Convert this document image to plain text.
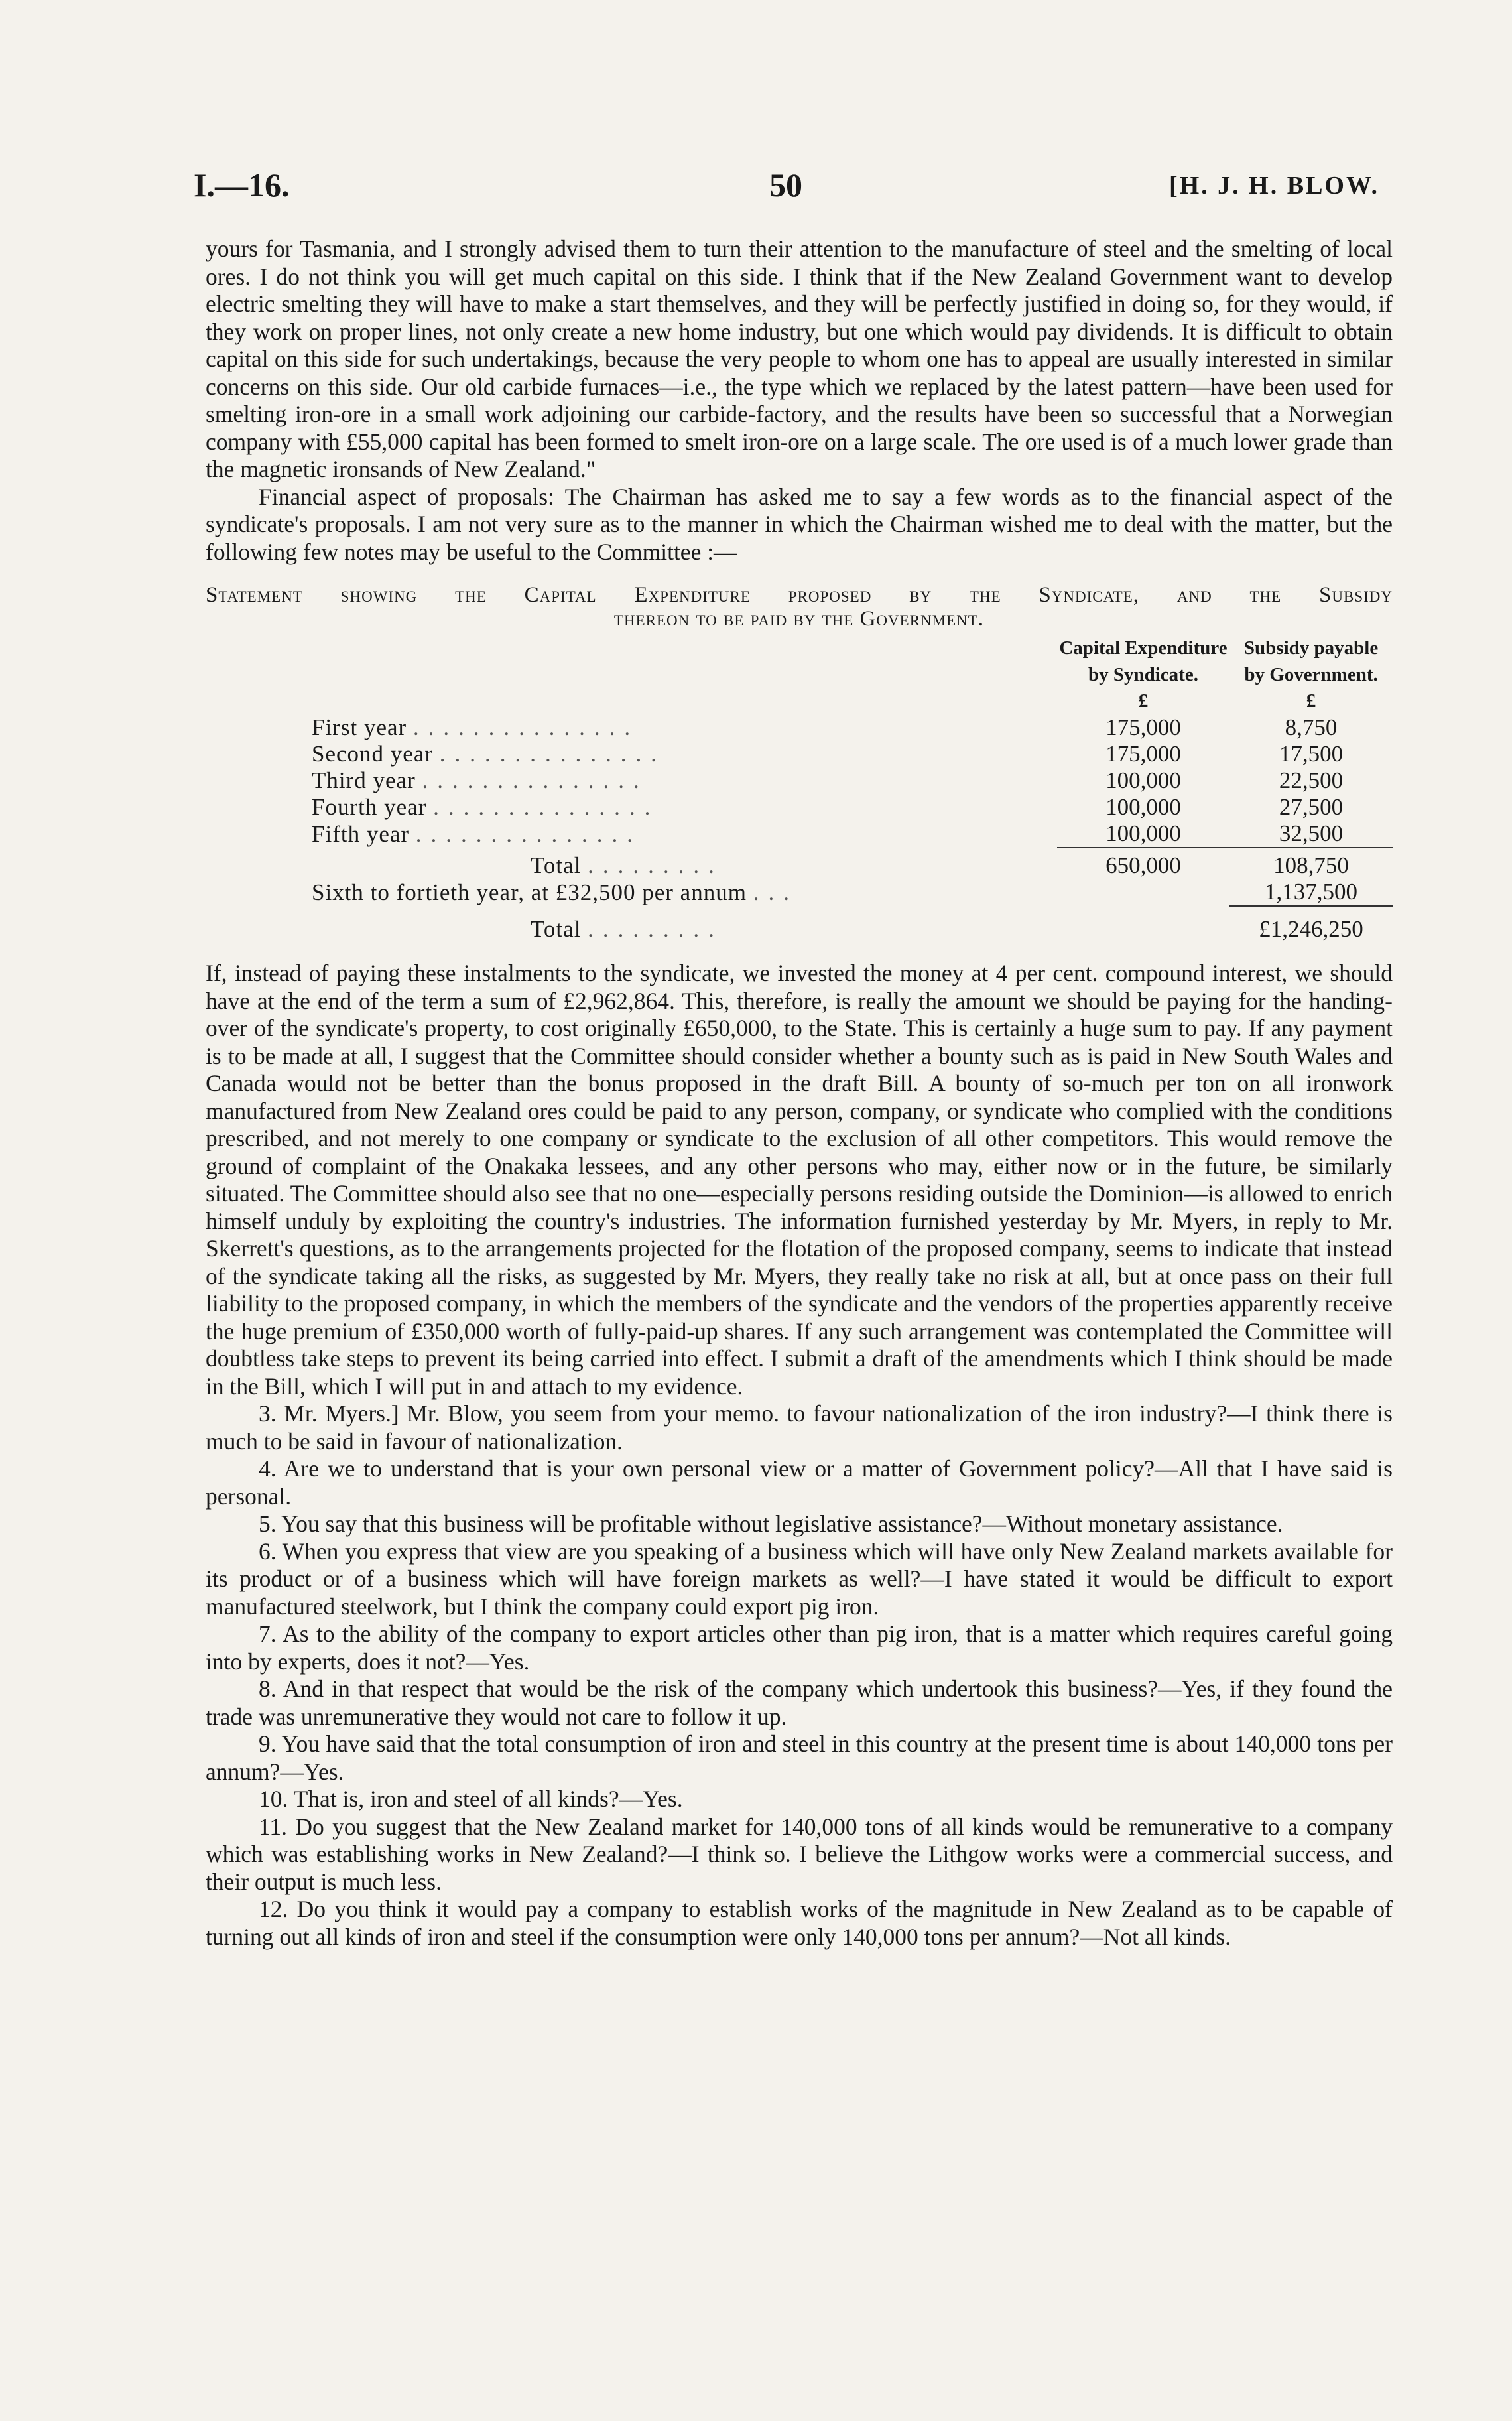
I.—16.	50	[H. J. H. BLOW.

yours for Tasmania, and I strongly advised them to turn their attention to the manufacture of steel and the smelting of local ores. I do not think you will get much capital on this side. I think that if the New Zealand Government want to develop electric smelting they will have to make a start themselves, and they will be perfectly justified in doing so, for they would, if they work on proper lines, not only create a new home industry, but one which would pay dividends. It is difficult to obtain capital on this side for such undertakings, because the very people to whom one has to appeal are usually interested in similar concerns on this side. Our old carbide furnaces—i.e., the type which we replaced by the latest pattern—have been used for smelting iron-ore in a small work adjoining our carbide-factory, and the results have been so successful that a Norwegian company with £55,000 capital has been formed to smelt iron-ore on a large scale. The ore used is of a much lower grade than the magnetic ironsands of New Zealand."

Financial aspect of proposals: The Chairman has asked me to say a few words as to the financial aspect of the syndicate's proposals. I am not very sure as to the manner in which the Chairman wished me to deal with the matter, but the following few notes may be useful to the Committee :—

Statement showing the Capital Expenditure proposed by the Syndicate, and the Subsidy
thereon to be paid by the Government.

	Capital Expenditure
by Syndicate.
£	Subsidy payable
by Government.
£

First year ...............	175,000	8,750
Second year ...............	175,000	17,500
Third year ...............	100,000	22,500
Fourth year ...............	100,000	27,500
Fifth year ...............	100,000	32,500
Total .........	650,000	108,750
Sixth to fortieth year, at £32,500 per annum ...		1,137,500
Total .........		£1,246,250

If, instead of paying these instalments to the syndicate, we invested the money at 4 per cent. compound interest, we should have at the end of the term a sum of £2,962,864. This, therefore, is really the amount we should be paying for the handing-over of the syndicate's property, to cost originally £650,000, to the State. This is certainly a huge sum to pay. If any payment is to be made at all, I suggest that the Committee should consider whether a bounty such as is paid in New South Wales and Canada would not be better than the bonus proposed in the draft Bill. A bounty of so-much per ton on all ironwork manufactured from New Zealand ores could be paid to any person, company, or syndicate who complied with the conditions prescribed, and not merely to one company or syndicate to the exclusion of all other competitors. This would remove the ground of complaint of the Onakaka lessees, and any other persons who may, either now or in the future, be similarly situated. The Committee should also see that no one—especially persons residing outside the Dominion—is allowed to enrich himself unduly by exploiting the country's industries. The information furnished yesterday by Mr. Myers, in reply to Mr. Skerrett's questions, as to the arrangements projected for the flotation of the proposed company, seems to indicate that instead of the syndicate taking all the risks, as suggested by Mr. Myers, they really take no risk at all, but at once pass on their full liability to the proposed company, in which the members of the syndicate and the vendors of the properties apparently receive the huge premium of £350,000 worth of fully-paid-up shares. If any such arrangement was contemplated the Committee will doubtless take steps to prevent its being carried into effect. I submit a draft of the amendments which I think should be made in the Bill, which I will put in and attach to my evidence.

3. Mr. Myers.] Mr. Blow, you seem from your memo. to favour nationalization of the iron industry?—I think there is much to be said in favour of nationalization.

4. Are we to understand that is your own personal view or a matter of Government policy?—All that I have said is personal.

5. You say that this business will be profitable without legislative assistance?—Without monetary assistance.

6. When you express that view are you speaking of a business which will have only New Zealand markets available for its product or of a business which will have foreign markets as well?—I have stated it would be difficult to export manufactured steelwork, but I think the company could export pig iron.

7. As to the ability of the company to export articles other than pig iron, that is a matter which requires careful going into by experts, does it not?—Yes.

8. And in that respect that would be the risk of the company which undertook this business?—Yes, if they found the trade was unremunerative they would not care to follow it up.

9. You have said that the total consumption of iron and steel in this country at the present time is about 140,000 tons per annum?—Yes.

10. That is, iron and steel of all kinds?—Yes.

11. Do you suggest that the New Zealand market for 140,000 tons of all kinds would be remunerative to a company which was establishing works in New Zealand?—I think so. I believe the Lithgow works were a commercial success, and their output is much less.

12. Do you think it would pay a company to establish works of the magnitude in New Zealand as to be capable of turning out all kinds of iron and steel if the consumption were only 140,000 tons per annum?—Not all kinds.
